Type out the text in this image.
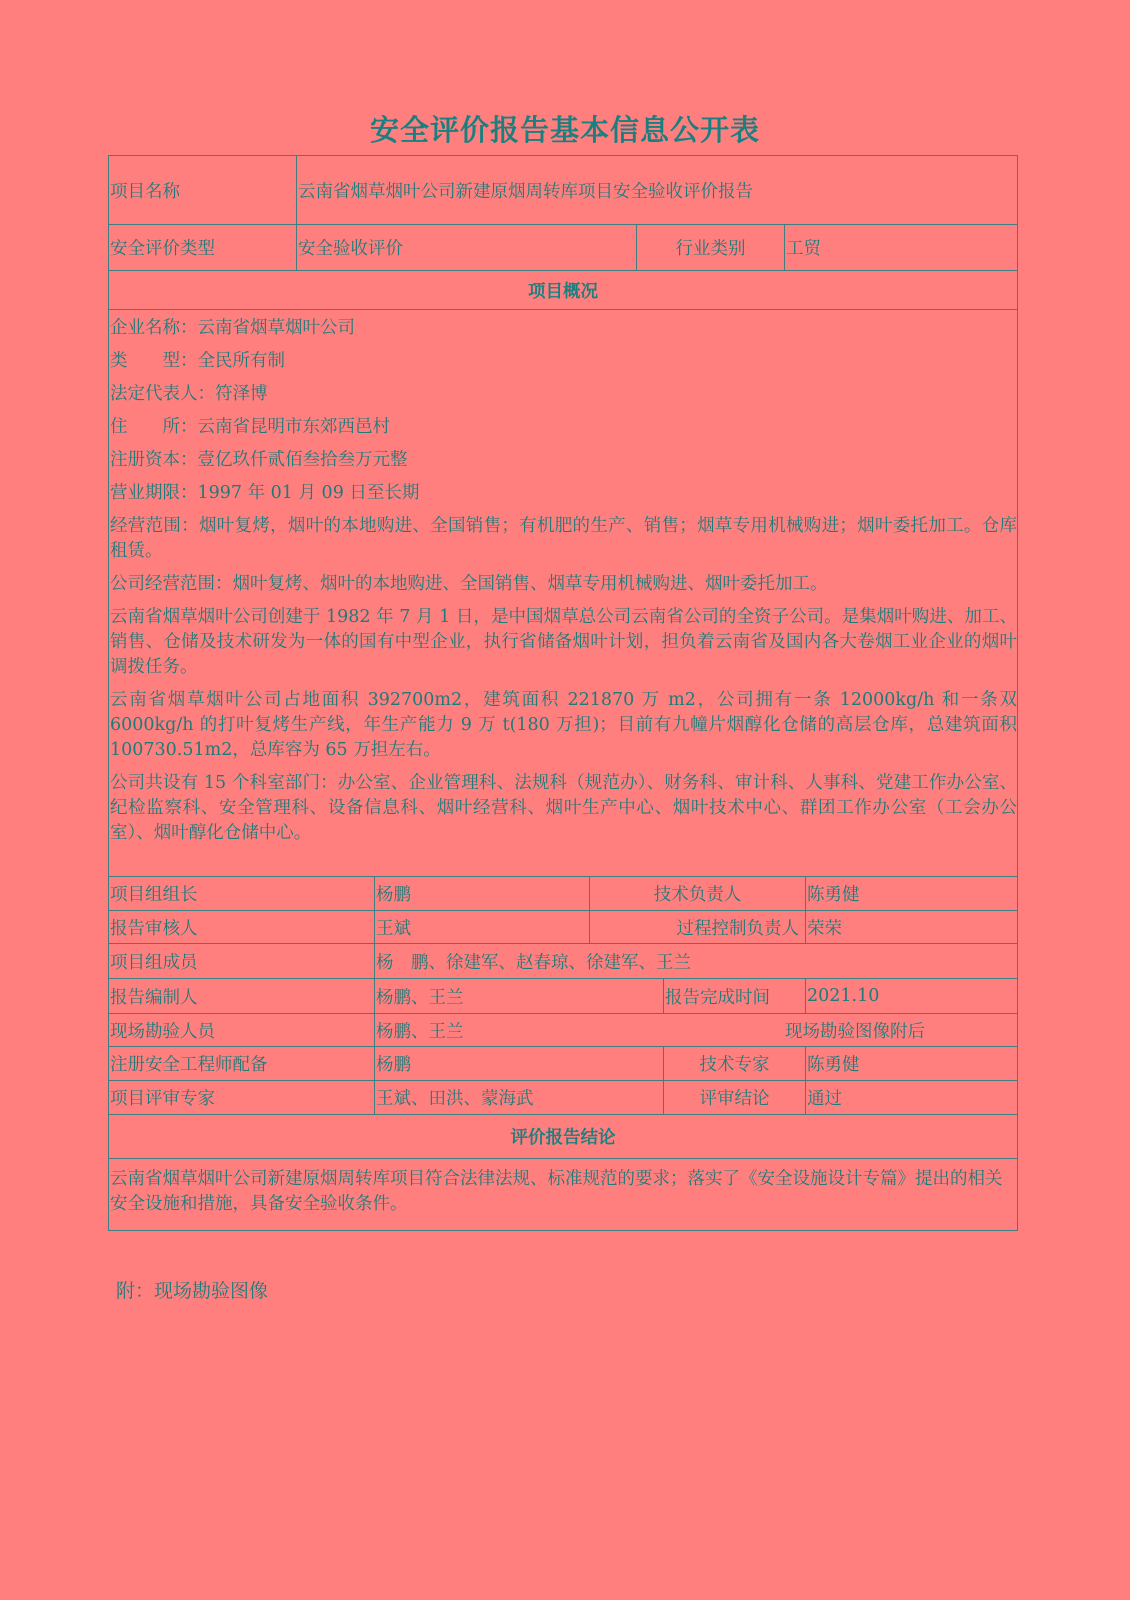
安全评价报告基本信息公开表
项目名称	云南省烟草烟叶公司新建原烟周转库项目安全验收评价报告
安全评价类型	安全验收评价	行业类别	工贸
项目概况

企业名称：云南省烟草烟叶公司

类　　型：全民所有制

法定代表人：符泽博

住　　所：云南省昆明市东郊西邑村

注册资本：壹亿玖仟贰佰叁拾叁万元整

营业期限：1997 年 01 月 09 日至长期

经营范围：烟叶复烤，烟叶的本地购进、全国销售；有机肥的生产、销售；烟草专用机械购进；烟叶委托加工。仓库租赁。

公司经营范围：烟叶复烤、烟叶的本地购进、全国销售、烟草专用机械购进、烟叶委托加工。

云南省烟草烟叶公司创建于 1982 年 7 月 1 日，是中国烟草总公司云南省公司的全资子公司。是集烟叶购进、加工、销售、仓储及技术研发为一体的国有中型企业，执行省储备烟叶计划，担负着云南省及国内各大卷烟工业企业的烟叶调拨任务。

云南省烟草烟叶公司占地面积 392700m2，建筑面积 221870 万 m2，公司拥有一条 12000kg/h 和一条双 6000kg/h 的打叶复烤生产线，年生产能力 9 万 t(180 万担)；目前有九幢片烟醇化仓储的高层仓库，总建筑面积 100730.51m2，总库容为 65 万担左右。

公司共设有 15 个科室部门：办公室、企业管理科、法规科（规范办）、财务科、审计科、人事科、党建工作办公室、纪检监察科、安全管理科、设备信息科、烟叶经营科、烟叶生产中心、烟叶技术中心、群团工作办公室（工会办公室）、烟叶醇化仓储中心。

项目组组长	杨鹏	技术负责人	陈勇健
报告审核人	王斌	过程控制负责人 荣荣
项目组成员	杨　鹏、徐建军、赵春琼、徐建军、王兰
报告编制人	杨鹏、王兰	报告完成时间	2021.10
现场勘验人员	杨鹏、王兰	现场勘验图像附后
注册安全工程师配备	杨鹏	技术专家	陈勇健
项目评审专家	王斌、田洪、蒙海武	评审结论	通过
评价报告结论
云南省烟草烟叶公司新建原烟周转库项目符合法律法规、标准规范的要求；落实了《安全设施设计专篇》提出的相关安全设施和措施，具备安全验收条件。
附：现场勘验图像
